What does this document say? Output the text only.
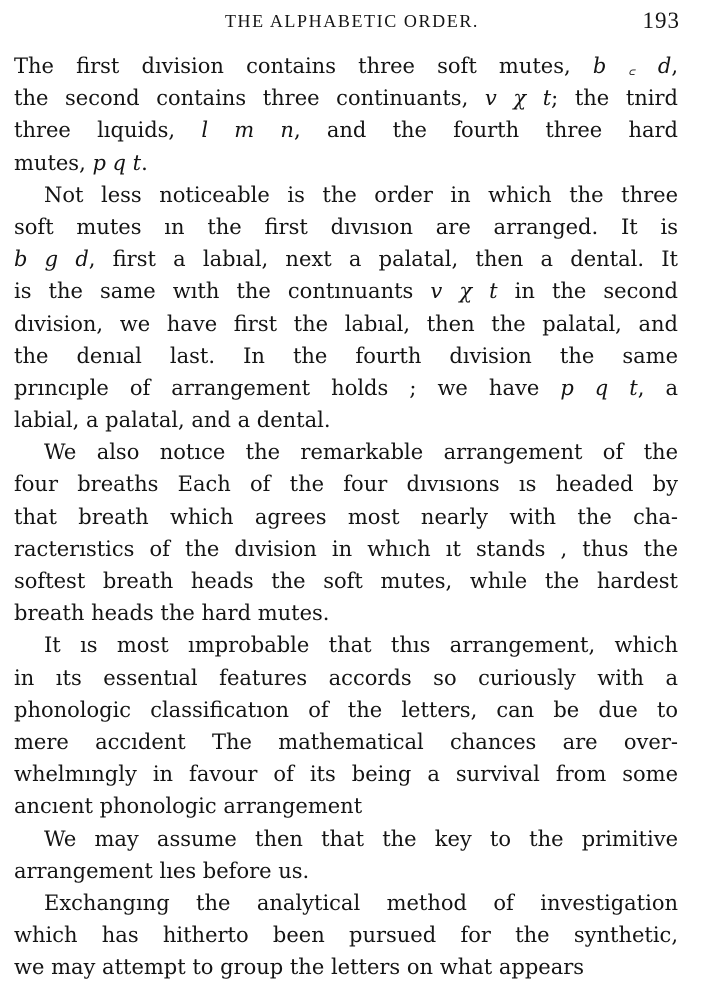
THE ALPHABETIC ORDER.	193
The first dıvision contains three soft mutes, b ꜀ d,
the second contains three continuants, v χ t; the tnird
three lıquids, l m n, and the fourth three hard
mutes, p q t.
Not less noticeable is the order in which the three
soft mutes ın the first dıvısıon are arranged. It is
b g d, first a labıal, next a palatal, then a dental. It
is the same wıth the contınuants v χ t in the second
dıvision, we have first the labıal, then the palatal, and
the denıal last. In the fourth dıvision the same
prıncıple of arrangement holds ; we have p q t, a
labial, a palatal, and a dental.
We also notıce the remarkable arrangement of the
four breaths Each of the four dıvısıons ıs headed by
that breath which agrees most nearly with the cha-
racterıstics of the dıvision in whıch ıt stands , thus the
softest breath heads the soft mutes, whıle the hardest
breath heads the hard mutes.
It ıs most ımprobable that thıs arrangement, which
in ıts essentıal features accords so curiously with a
phonologic classificatıon of the letters, can be due to
mere accıdent The mathematical chances are over-
whelmıngly in favour of its being a survival from some
ancıent phonologic arrangement
We may assume then that the key to the primitive
arrangement lıes before us.
Exchangıng the analytical method of investigation
which has hitherto been pursued for the synthetic,
we may attempt to group the letters on what appears
